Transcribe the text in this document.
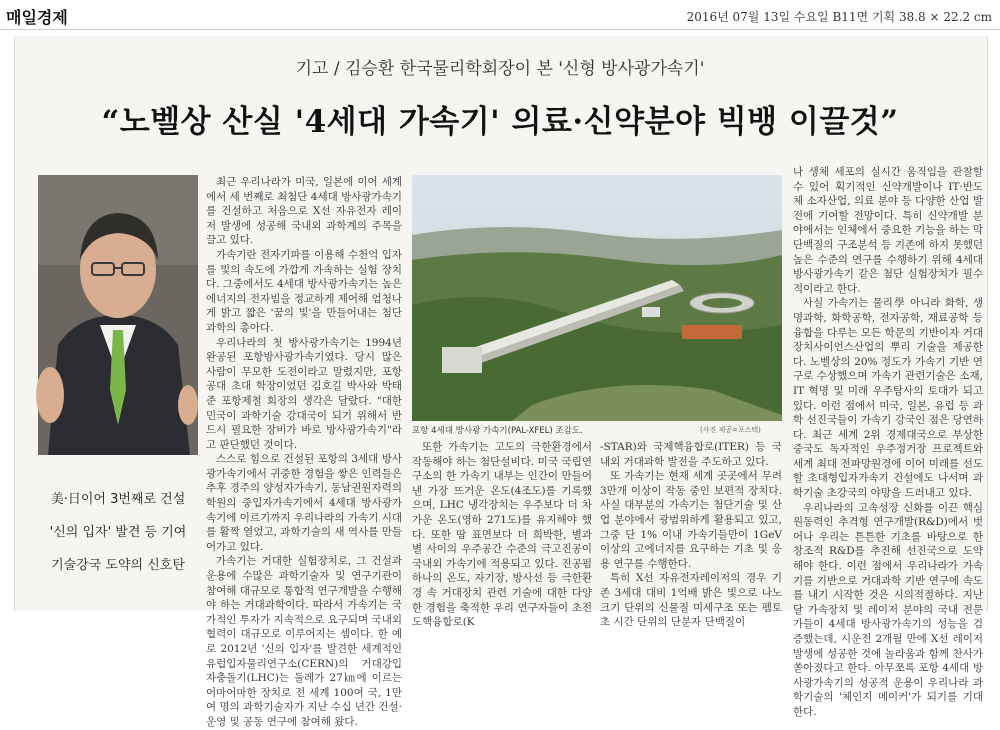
매일경제	2016년 07월 13일 수요일 B11면 기획 38.8 × 22.2 cm
기고 / 김승환 한국물리학회장이 본 '신형 방사광가속기'
“노벨상 산실 '4세대 가속기' 의료·신약분야 빅뱅 이끌것”
美·日이어 3번째로 건설
'신의 입자' 발견 등 기여
기술강국 도약의 신호탄

최근 우리나라가 미국, 일본에 이어 세계에서 세 번째로 최첨단 4세대 방사광가속기를 건설하고 처음으로 X선 자유전자 레이저 발생에 성공해 국내외 과학계의 주목을 끌고 있다.

가속기란 전자기파를 이용해 수천억 입자를 빛의 속도에 가깝게 가속하는 실험 장치다. 그중에서도 4세대 방사광가속기는 높은 에너지의 전자빔을 정교하게 제어해 엄청나게 밝고 짧은 '꿈의 빛'을 만들어내는 첨단 과학의 총아다.

우리나라의 첫 방사광가속기는 1994년 완공된 포항방사광가속기였다. 당시 많은 사람이 무모한 도전이라고 말렸지만, 포항공대 초대 학장이었던 김호길 박사와 박태준 포항제철 회장의 생각은 달랐다. "대한민국이 과학기술 강대국이 되기 위해서 반드시 필요한 장비가 바로 방사광가속기"라고 판단했던 것이다.

스스로 힘으로 건설된 포항의 3세대 방사광가속기에서 귀중한 경험을 쌓은 인력들은 추후 경주의 양성자가속기, 동남권원자력의학원의 중입자가속기에서 4세대 방사광가속기에 이르기까지 우리나라의 가속기 시대를 활짝 열었고, 과학기술의 새 역사를 만들어가고 있다.

가속기는 거대한 실험장치로, 그 건설과 운용에 수많은 과학기술자 및 연구기관이 참여해 대규모로 통합적 연구개발을 수행해야 하는 거대과학이다. 따라서 가속기는 국가적인 투자가 지속적으로 요구되며 국내외 협력이 대규모로 이루어지는 셈이다. 한 예로 2012년 '신의 입자'를 발견한 세계적인 유럽입자물리연구소(CERN)의 거대강입자충돌기(LHC)는 둘레가 27㎞에 이르는 어마어마한 장치로 전 세계 100여 국, 1만여 명의 과학기술자가 지난 수십 년간 건설·운영 및 공동 연구에 참여해 왔다.

포항 4세대 방사광 가속기(PAL-XFEL) 조감도.	(사진 제공=포스텍)

또한 가속기는 고도의 극한환경에서 작동해야 하는 첨단설비다. 미국 국립연구소의 한 가속기 내부는 인간이 만들어낸 가장 뜨거운 온도(4조도)를 기록했으며, LHC 냉각장치는 우주보다 더 차가운 온도(영하 271도)를 유지해야 했다. 또한 땀 표면보다 더 희박한, 별과 별 사이의 우주공간 수준의 극고진공이 국내외 가속기에 적용되고 있다. 진공펌 하나의 온도, 자기장, 방사선 등 극한환경 속 거대장치 관련 기술에 대한 다양한 경험을 축적한 우리 연구자들이 초전도핵융합로(K

-STAR)와 국제핵융합로(ITER) 등 국내외 거대과학 발전을 주도하고 있다.

또 가속기는 현재 세계 곳곳에서 무려 3만개 이상이 작동 중인 보편적 장치다. 사실 대부분의 가속기는 첨단기술 및 산업 분야에서 광범위하게 활용되고 있고, 그중 단 1% 이내 가속기들만이 1GeV 이상의 고에너지를 요구하는 기초 및 응용 연구를 수행한다.

특히 X선 자유전자레이저의 경우 기존 3세대 대비 1억배 밝은 빛으로 나노 크기 단위의 신물질 미세구조 또는 펨토초 시간 단위의 단분자 단백질이

나 생체 세포의 실시간 움직임을 관찰할 수 있어 획기적인 신약개발이나 IT·반도체 소자산업, 의료 분야 등 다양한 산업 발전에 기여할 전망이다. 특히 신약개발 분야에서는 인체에서 중요한 기능을 하는 막단백질의 구조분석 등 기존에 하지 못했던 높은 수준의 연구를 수행하기 위해 4세대 방사광가속기 같은 첨단 실험장치가 필수적이라고 한다.

사실 가속기는 물리學 아니라 화학, 생명과학, 화학공학, 전자공학, 재료공학 등 융합을 다루는 모든 학문의 기반이자 거대장치사이언스산업의 뿌리 기술을 제공한다. 노벨상의 20% 정도가 가속기 기반 연구로 수상했으며 가속기 관련기술은 소재, IT 혁명 및 미래 우주탐사의 토대가 되고 있다. 이런 점에서 미국, 일본, 유럽 등 과학 선진국들이 가속기 강국인 점은 당연하다. 최근 세계 2위 경제대국으로 부상한 중국도 독자적인 우주정거장 프로젝트와 세계 최대 전파망원경에 이어 미래를 선도할 초대형입자가속기 건설에도 나서며 과학기술 초강국의 야망을 드러내고 있다.

우리나라의 고속성장 신화를 이끈 핵심 원동력인 추격형 연구개발(R&D)에서 벗어나 우리는 튼튼한 기초를 바탕으로 한 창조적 R&D를 추진해 선진국으로 도약해야 한다. 이런 점에서 우리나라가 가속기를 기반으로 거대과학 기반 연구에 속도를 내기 시작한 것은 시의적절하다. 지난달 가속장치 및 레이저 분야의 국내 전문가들이 4세대 방사광가속기의 성능을 검증했는데, 시운전 2개월 만에 X선 레이저 발생에 성공한 것에 놀라움과 함께 찬사가 쏟아졌다고 한다. 아무쪼록 포항 4세대 방사광가속기의 성공적 운용이 우리나라 과학기술의 '체인지 메이커'가 되기를 기대한다.
